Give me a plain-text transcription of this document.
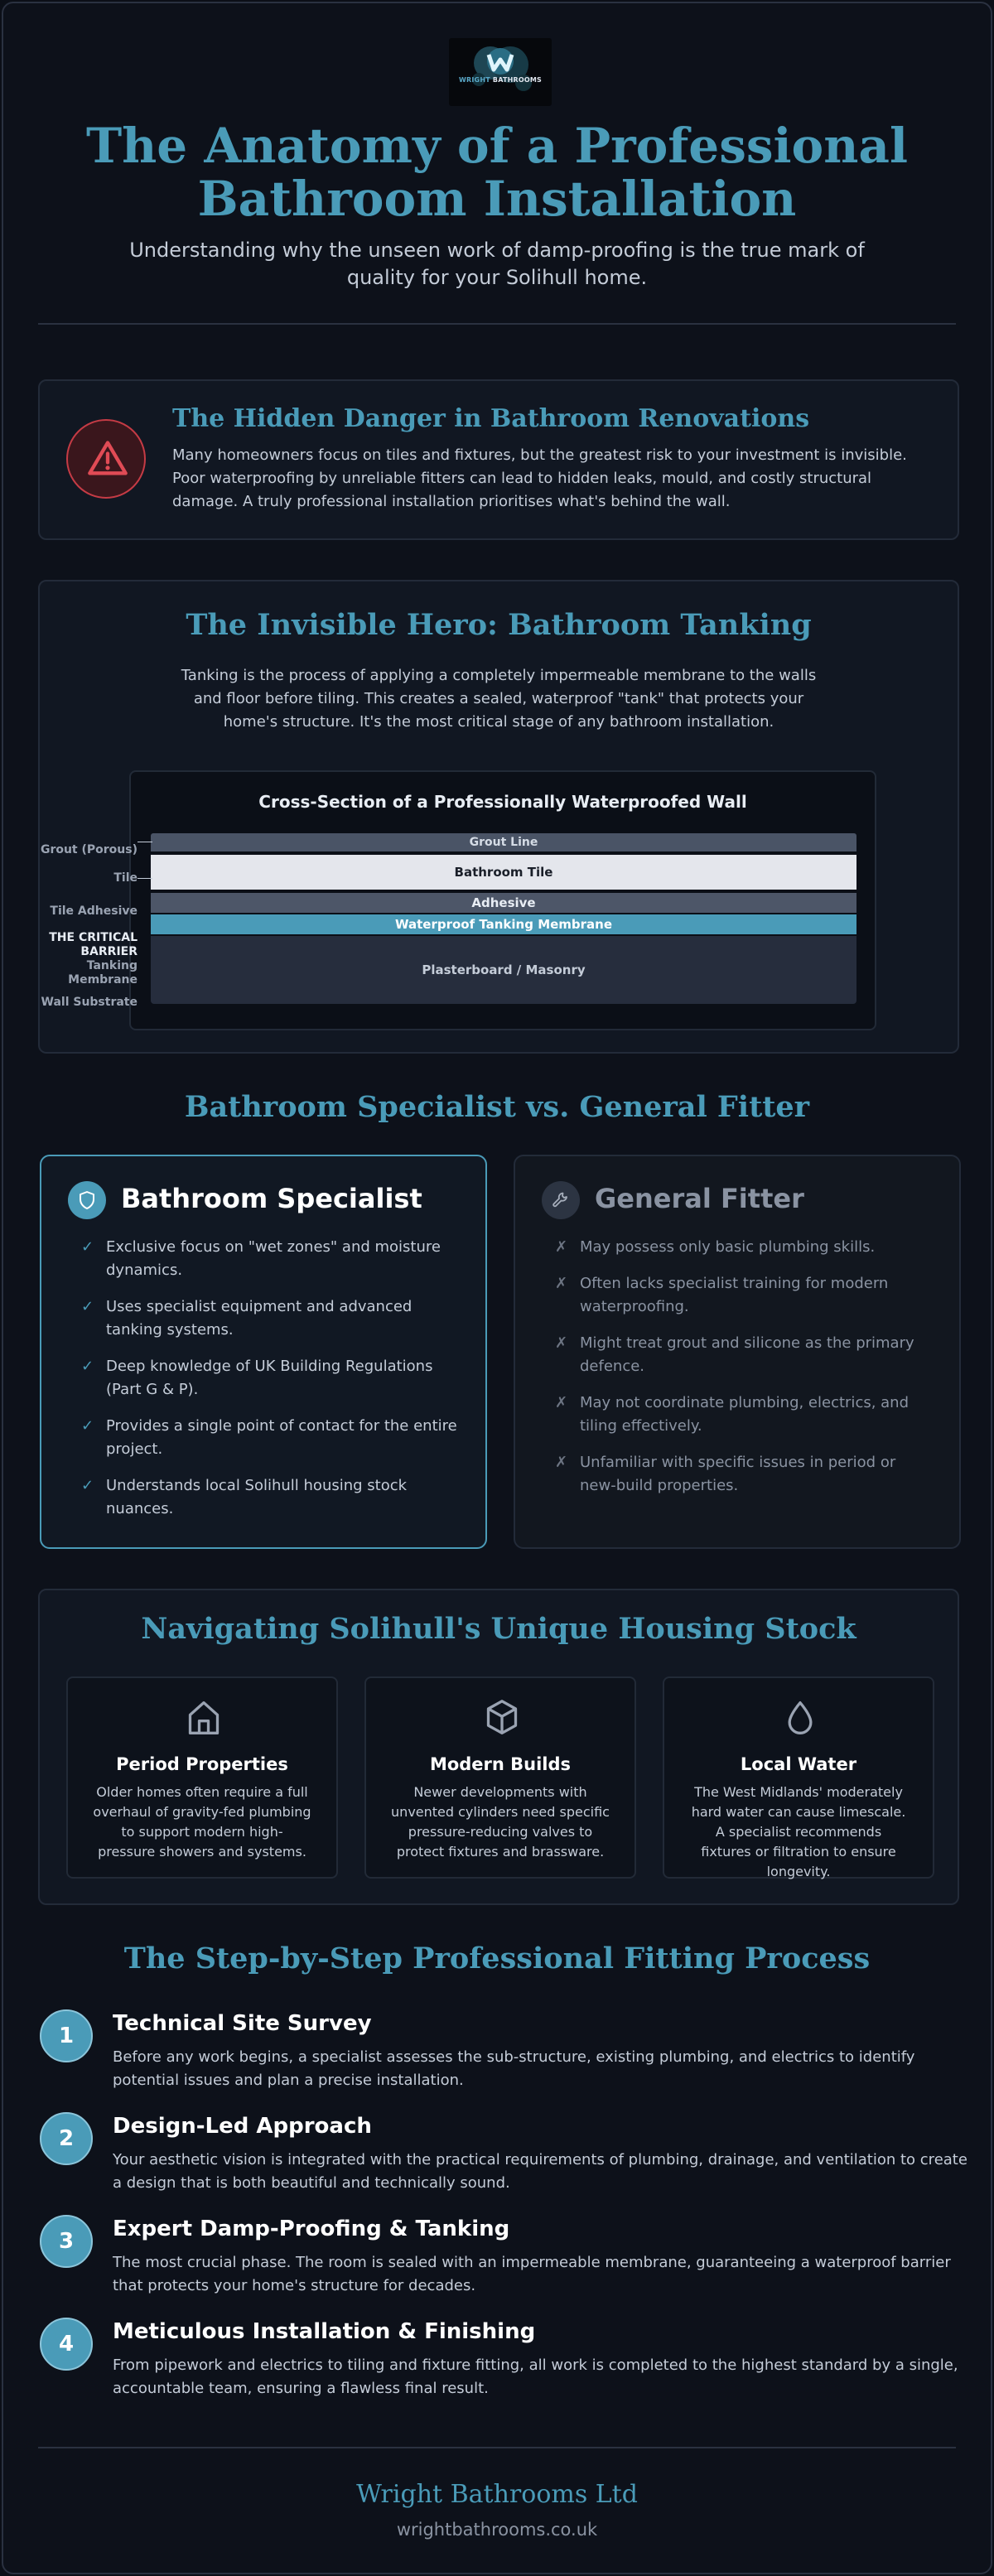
WRIGHT BATHROOMS
The Anatomy of a Professional Bathroom Installation
Understanding why the unseen work of damp-proofing is the true mark of quality for your Solihull home.
The Hidden Danger in Bathroom Renovations
Many homeowners focus on tiles and fixtures, but the greatest risk to your investment is invisible. Poor waterproofing by unreliable fitters can lead to hidden leaks, mould, and costly structural damage. A truly professional installation prioritises what's behind the wall.
The Invisible Hero: Bathroom Tanking
Tanking is the process of applying a completely impermeable membrane to the walls and floor before tiling. This creates a sealed, waterproof "tank" that protects your home's structure. It's the most critical stage of any bathroom installation.
Cross-Section of a Professionally Waterproofed Wall
Grout Line
Bathroom Tile
Adhesive
Waterproof Tanking Membrane
Plasterboard / Masonry
Grout (Porous)
Tile
Tile Adhesive
THE CRITICAL BARRIER
Tanking Membrane
Wall Substrate
Bathroom Specialist vs. General Fitter
Bathroom Specialist
✓ Exclusive focus on "wet zones" and moisture dynamics.
✓ Uses specialist equipment and advanced tanking systems.
✓ Deep knowledge of UK Building Regulations (Part G & P).
✓ Provides a single point of contact for the entire project.
✓ Understands local Solihull housing stock nuances.
General Fitter
✗ May possess only basic plumbing skills.
✗ Often lacks specialist training for modern waterproofing.
✗ Might treat grout and silicone as the primary defence.
✗ May not coordinate plumbing, electrics, and tiling effectively.
✗ Unfamiliar with specific issues in period or new-build properties.
Navigating Solihull's Unique Housing Stock
Period Properties
Older homes often require a full overhaul of gravity-fed plumbing to support modern high-pressure showers and systems.
Modern Builds
Newer developments with unvented cylinders need specific pressure-reducing valves to protect fixtures and brassware.
Local Water
The West Midlands' moderately hard water can cause limescale. A specialist recommends fixtures or filtration to ensure longevity.
The Step-by-Step Professional Fitting Process
1	Technical Site Survey
Before any work begins, a specialist assesses the sub-structure, existing plumbing, and electrics to identify potential issues and plan a precise installation.
2	Design-Led Approach
Your aesthetic vision is integrated with the practical requirements of plumbing, drainage, and ventilation to create a design that is both beautiful and technically sound.
3	Expert Damp-Proofing & Tanking
The most crucial phase. The room is sealed with an impermeable membrane, guaranteeing a waterproof barrier that protects your home's structure for decades.
4	Meticulous Installation & Finishing
From pipework and electrics to tiling and fixture fitting, all work is completed to the highest standard by a single, accountable team, ensuring a flawless final result.
Wright Bathrooms Ltd
wrightbathrooms.co.uk
